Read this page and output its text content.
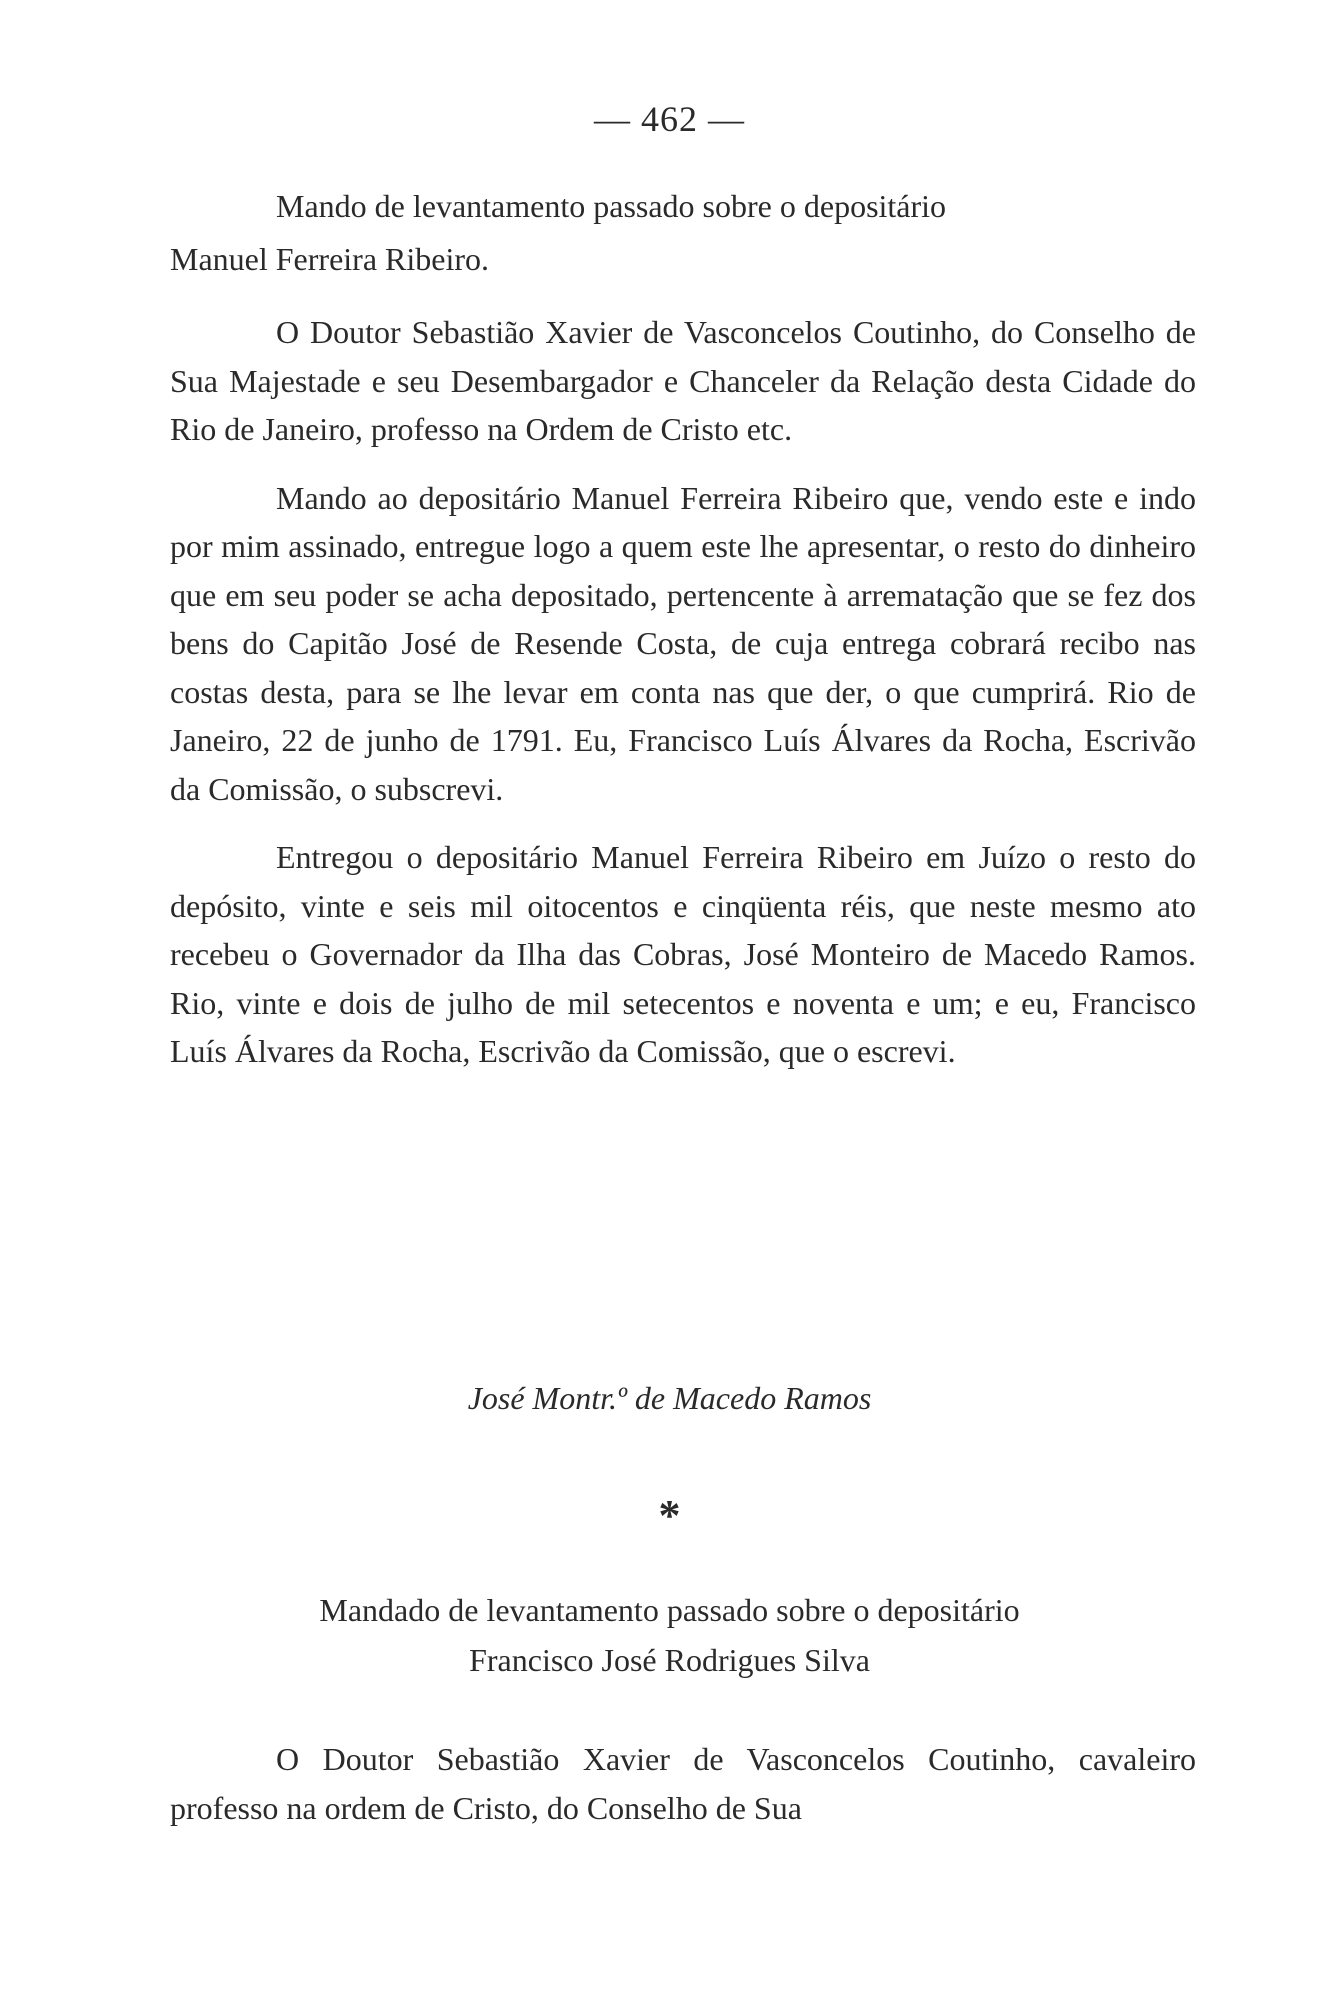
— 462 —

Mando de levantamento passado sobre o depositário
Manuel Ferreira Ribeiro.

O Doutor Sebastião Xavier de Vasconcelos Coutinho, do Conselho de Sua Majestade e seu Desembargador e Chanceler da Relação desta Cidade do Rio de Janeiro, professo na Ordem de Cristo etc.

Mando ao depositário Manuel Ferreira Ribeiro que, vendo este e indo por mim assinado, entregue logo a quem este lhe apresentar, o resto do dinheiro que em seu poder se acha depositado, pertencente à arrematação que se fez dos bens do Capitão José de Resende Costa, de cuja entrega cobrará recibo nas costas desta, para se lhe levar em conta nas que der, o que cumprirá. Rio de Janeiro, 22 de junho de 1791. Eu, Francisco Luís Álvares da Rocha, Escrivão da Comissão, o subscrevi.

Entregou o depositário Manuel Ferreira Ribeiro em Juízo o resto do depósito, vinte e seis mil oitocentos e cinqüenta réis, que neste mesmo ato recebeu o Governador da Ilha das Cobras, José Monteiro de Macedo Ramos. Rio, vinte e dois de julho de mil setecentos e noventa e um; e eu, Francisco Luís Álvares da Rocha, Escrivão da Comissão, que o escrevi.

José Montr.º de Macedo Ramos
*
Mandado de levantamento passado sobre o depositário
Francisco José Rodrigues Silva

O Doutor Sebastião Xavier de Vasconcelos Coutinho, cavaleiro professo na ordem de Cristo, do Conselho de Sua
